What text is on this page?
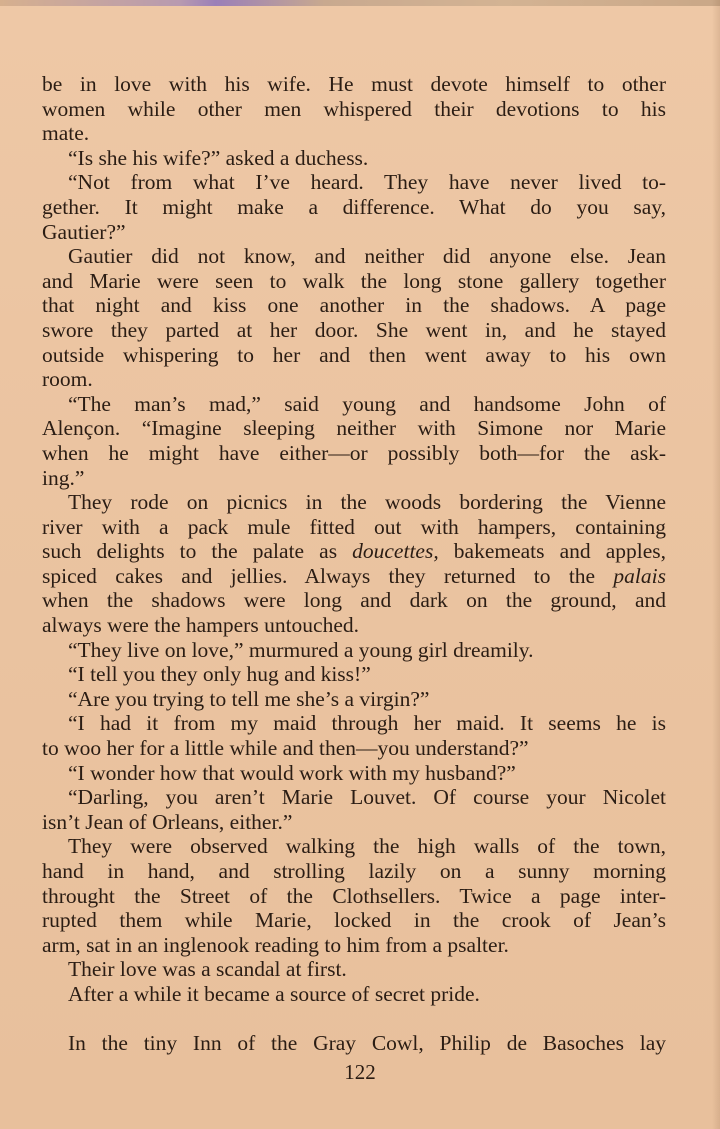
be in love with his wife. He must devote himself to other
women while other men whispered their devotions to his
mate.
“Is she his wife?” asked a duchess.
“Not from what I’ve heard. They have never lived to-
gether. It might make a difference. What do you say,
Gautier?”
Gautier did not know, and neither did anyone else. Jean
and Marie were seen to walk the long stone gallery together
that night and kiss one another in the shadows. A page
swore they parted at her door. She went in, and he stayed
outside whispering to her and then went away to his own
room.
“The man’s mad,” said young and handsome John of
Alençon. “Imagine sleeping neither with Simone nor Marie
when he might have either—or possibly both—for the ask-
ing.”
They rode on picnics in the woods bordering the Vienne
river with a pack mule fitted out with hampers, containing
such delights to the palate as doucettes, bakemeats and apples,
spiced cakes and jellies. Always they returned to the palais
when the shadows were long and dark on the ground, and
always were the hampers untouched.
“They live on love,” murmured a young girl dreamily.
“I tell you they only hug and kiss!”
“Are you trying to tell me she’s a virgin?”
“I had it from my maid through her maid. It seems he is
to woo her for a little while and then—you understand?”
“I wonder how that would work with my husband?”
“Darling, you aren’t Marie Louvet. Of course your Nicolet
isn’t Jean of Orleans, either.”
They were observed walking the high walls of the town,
hand in hand, and strolling lazily on a sunny morning
throught the Street of the Clothsellers. Twice a page inter-
rupted them while Marie, locked in the crook of Jean’s
arm, sat in an inglenook reading to him from a psalter.
Their love was a scandal at first.
After a while it became a source of secret pride.
In the tiny Inn of the Gray Cowl, Philip de Basoches lay
122
